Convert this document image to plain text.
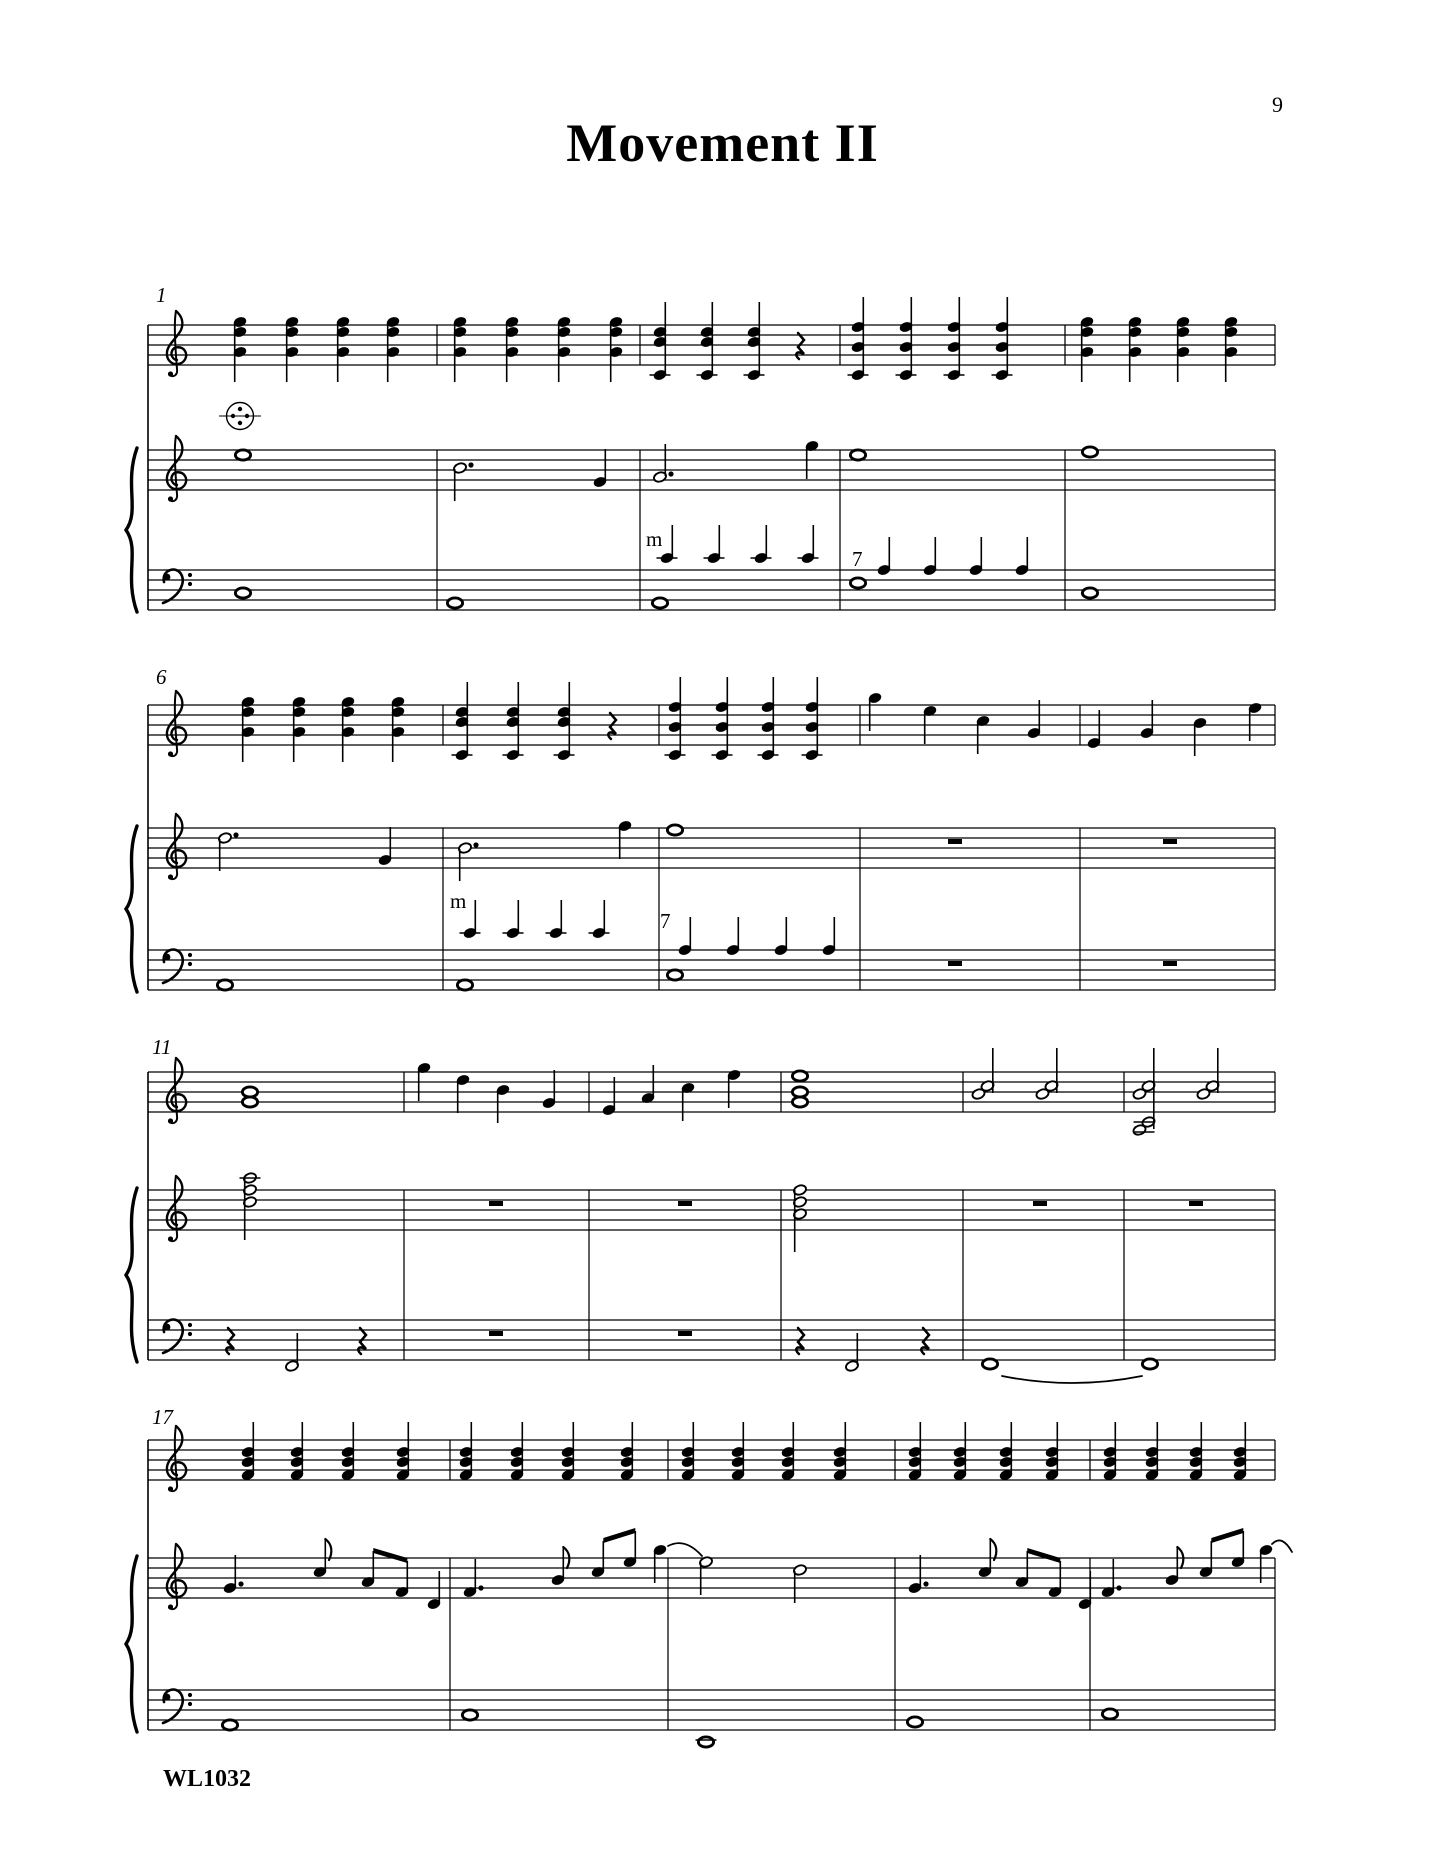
9
Movement II
1
m
7
6
m
7
11
17
WL1032
